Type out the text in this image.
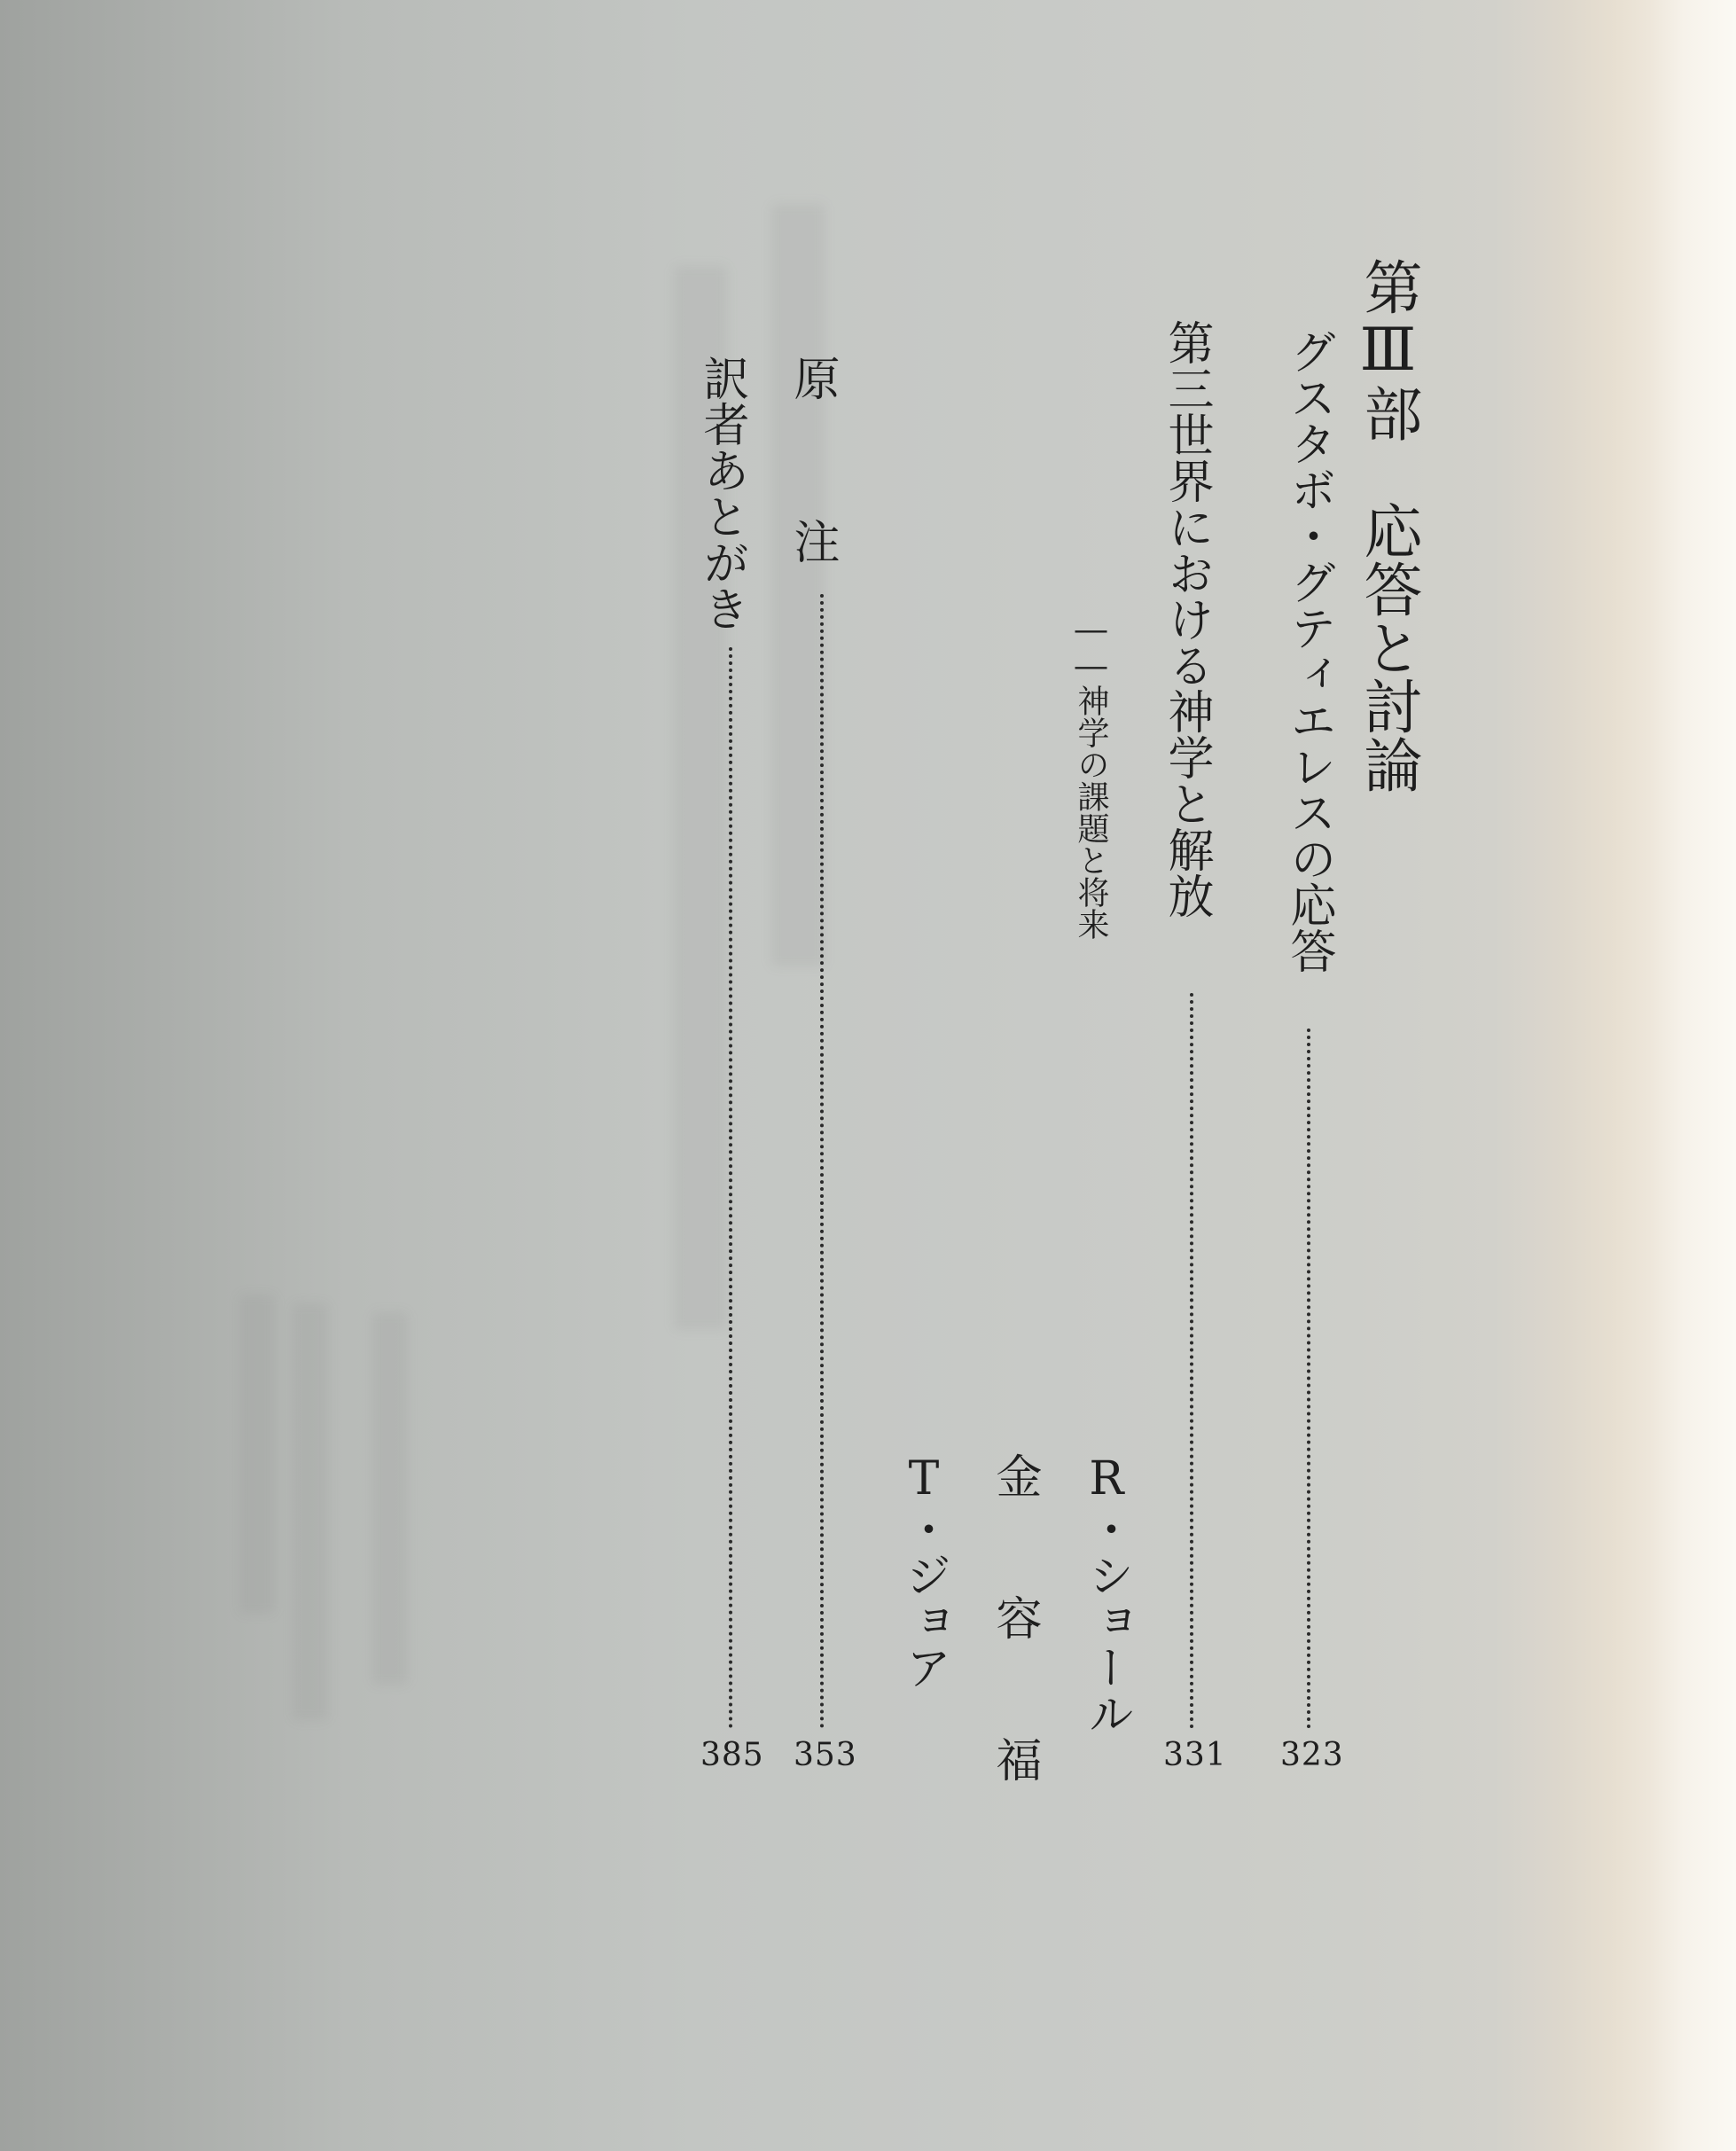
第Ⅲ部　応答と討論
グスタボ・グティエレスの応答
323
第三世界における神学と解放
――神学の課題と将来
331
R・ショール
金 容 福
T・ジョア
原　注
353
訳者あとがき
385
